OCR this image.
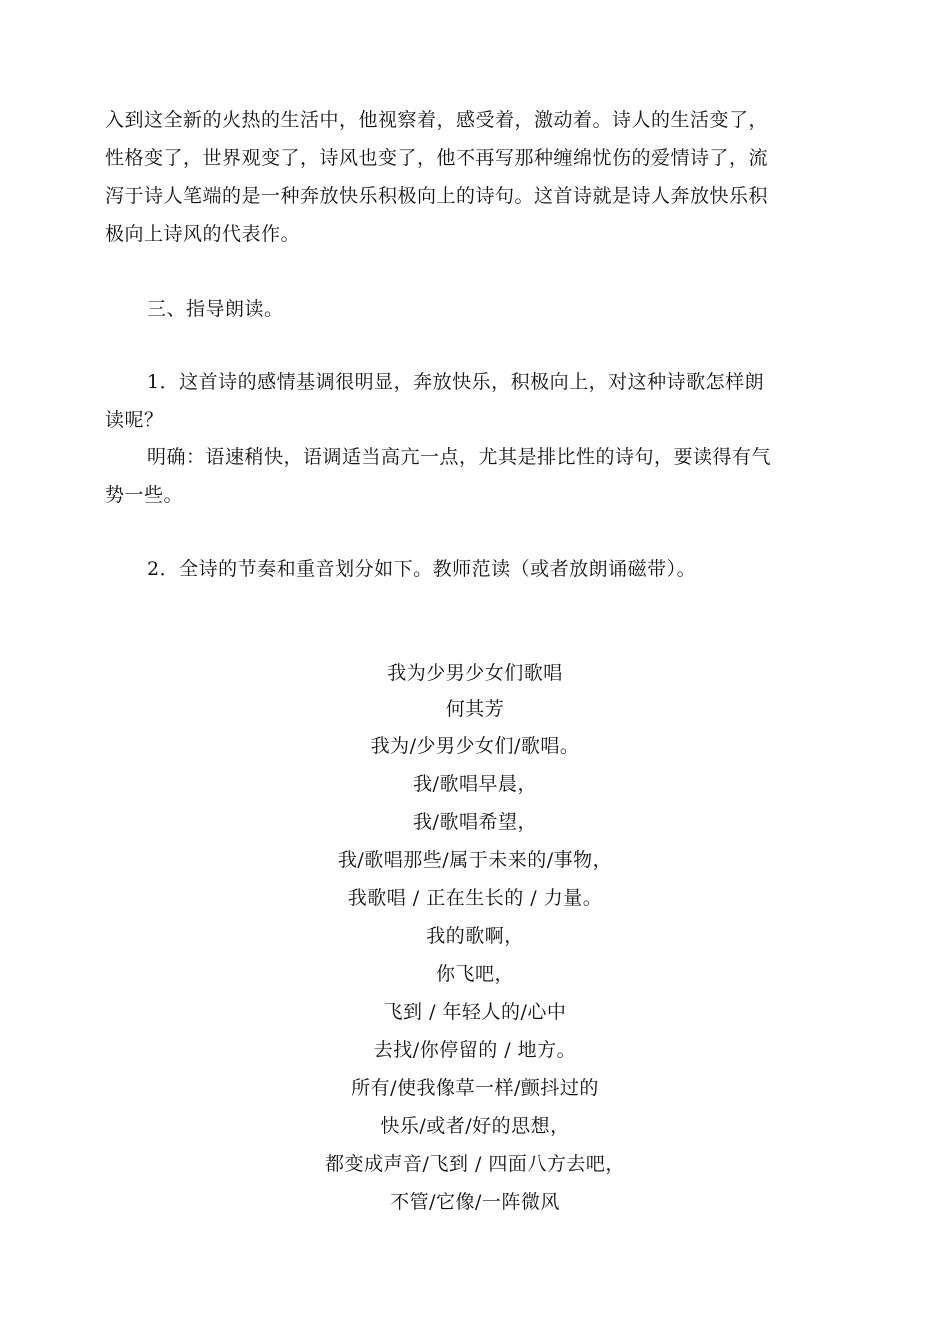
入到这全新的火热的生活中，他视察着，感受着，激动着。诗人的生活变了，
性格变了，世界观变了，诗风也变了，他不再写那种缠绵忧伤的爱情诗了，流
泻于诗人笔端的是一种奔放快乐积极向上的诗句。这首诗就是诗人奔放快乐积
极向上诗风的代表作。
三、指导朗读。
1．这首诗的感情基调很明显，奔放快乐，积极向上，对这种诗歌怎样朗
读呢？
明确：语速稍快，语调适当高亢一点，尤其是排比性的诗句，要读得有气
势一些。
2．全诗的节奏和重音划分如下。教师范读（或者放朗诵磁带）。
我为少男少女们歌唱
何其芳
我为/少男少女们/歌唱。
我/歌唱早晨，
我/歌唱希望，
我/歌唱那些/属于未来的/事物，
我歌唱 / 正在生长的 / 力量。
我的歌啊，
你飞吧，
飞到 / 年轻人的/心中
去找/你停留的 / 地方。
所有/使我像草一样/颤抖过的
快乐/或者/好的思想，
都变成声音/飞到 / 四面八方去吧，
不管/它像/一阵微风
